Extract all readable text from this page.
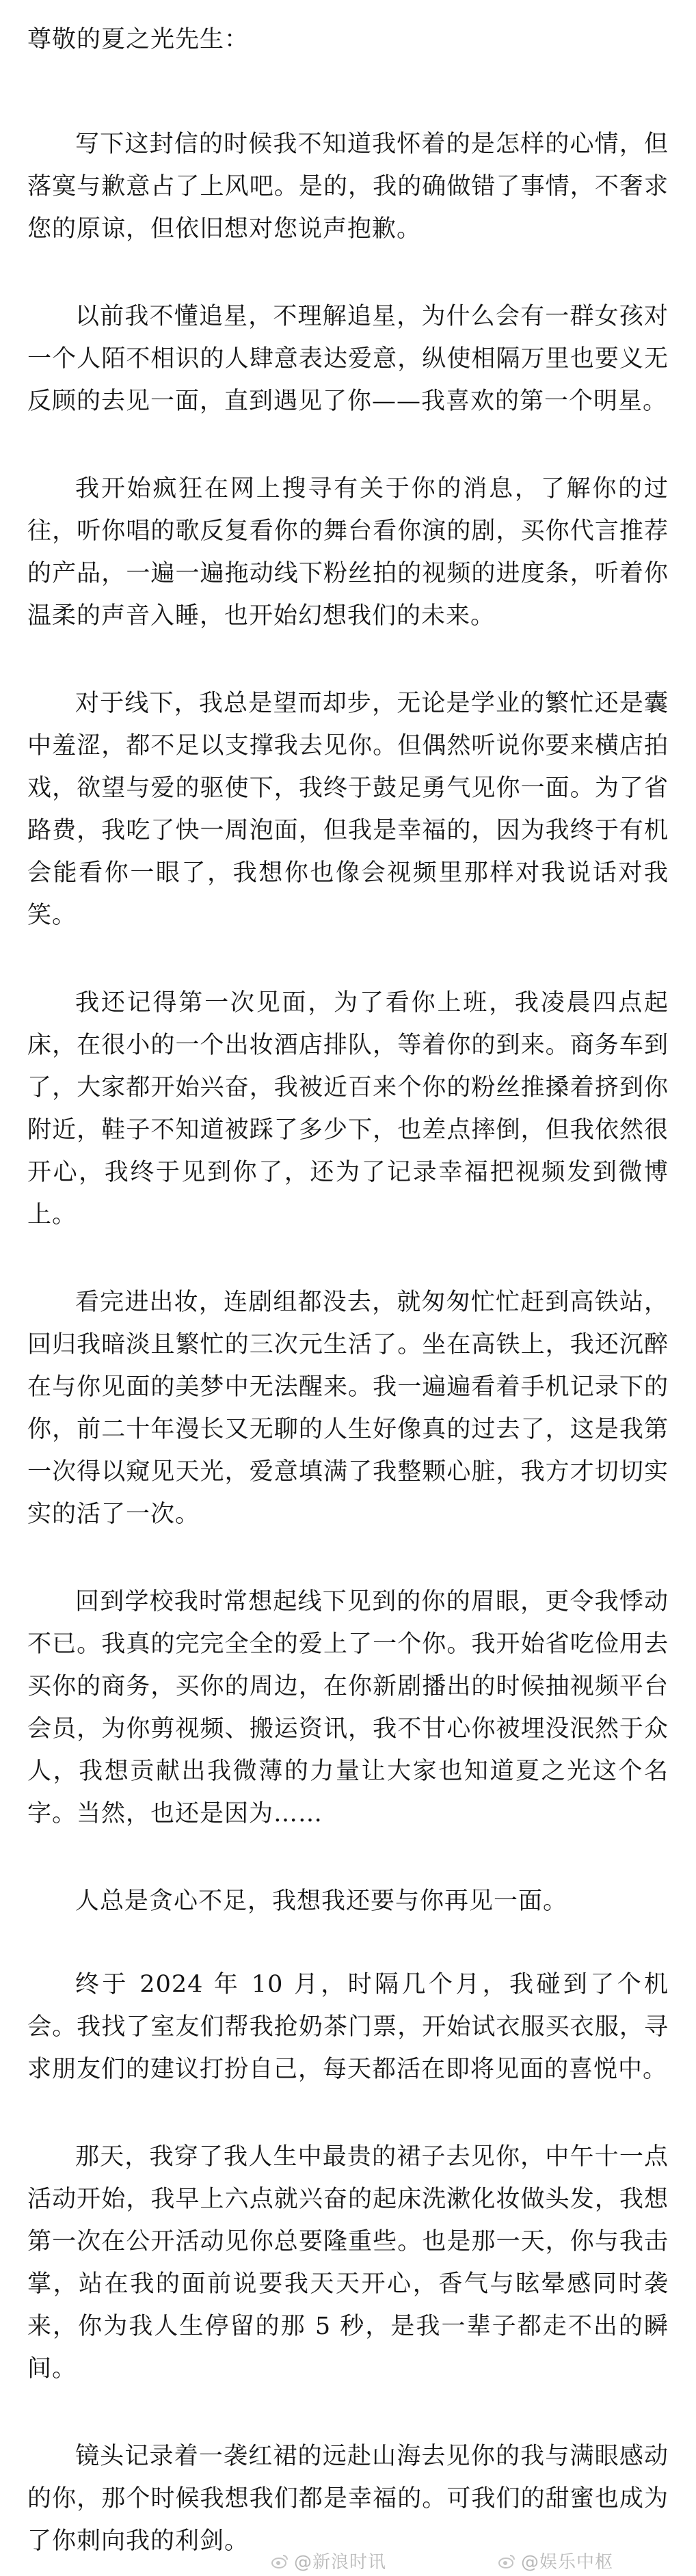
尊敬的夏之光先生：

写下这封信的时候我不知道我怀着的是怎样的心情，但落寞与歉意占了上风吧。是的，我的确做错了事情，不奢求您的原谅，但依旧想对您说声抱歉。

以前我不懂追星，不理解追星，为什么会有一群女孩对一个人陌不相识的人肆意表达爱意，纵使相隔万里也要义无反顾的去见一面，直到遇见了你——我喜欢的第一个明星。

我开始疯狂在网上搜寻有关于你的消息，了解你的过往，听你唱的歌反复看你的舞台看你演的剧，买你代言推荐的产品，一遍一遍拖动线下粉丝拍的视频的进度条，听着你温柔的声音入睡，也开始幻想我们的未来。

对于线下，我总是望而却步，无论是学业的繁忙还是囊中羞涩，都不足以支撑我去见你。但偶然听说你要来横店拍戏，欲望与爱的驱使下，我终于鼓足勇气见你一面。为了省路费，我吃了快一周泡面，但我是幸福的，因为我终于有机会能看你一眼了，我想你也像会视频里那样对我说话对我笑。

我还记得第一次见面，为了看你上班，我凌晨四点起床，在很小的一个出妆酒店排队，等着你的到来。商务车到了，大家都开始兴奋，我被近百来个你的粉丝推搡着挤到你附近，鞋子不知道被踩了多少下，也差点摔倒，但我依然很开心，我终于见到你了，还为了记录幸福把视频发到微博上。

看完进出妆，连剧组都没去，就匆匆忙忙赶到高铁站，回归我暗淡且繁忙的三次元生活了。坐在高铁上，我还沉醉在与你见面的美梦中无法醒来。我一遍遍看着手机记录下的你，前二十年漫长又无聊的人生好像真的过去了，这是我第一次得以窥见天光，爱意填满了我整颗心脏，我方才切切实实的活了一次。

回到学校我时常想起线下见到的你的眉眼，更令我悸动不已。我真的完完全全的爱上了一个你。我开始省吃俭用去买你的商务，买你的周边，在你新剧播出的时候抽视频平台会员，为你剪视频、搬运资讯，我不甘心你被埋没泯然于众人，我想贡献出我微薄的力量让大家也知道夏之光这个名字。当然，也还是因为……

人总是贪心不足，我想我还要与你再见一面。

终于 2024 年 10 月，时隔几个月，我碰到了个机会。我找了室友们帮我抢奶茶门票，开始试衣服买衣服，寻求朋友们的建议打扮自己，每天都活在即将见面的喜悦中。

那天，我穿了我人生中最贵的裙子去见你，中午十一点活动开始，我早上六点就兴奋的起床洗漱化妆做头发，我想第一次在公开活动见你总要隆重些。也是那一天，你与我击掌，站在我的面前说要我天天开心，香气与眩晕感同时袭来，你为我人生停留的那 5 秒，是我一辈子都走不出的瞬间。

镜头记录着一袭红裙的远赴山海去见你的我与满眼感动的你，那个时候我想我们都是幸福的。可我们的甜蜜也成为了你刺向我的利剑。

@新浪时讯	@娱乐中枢
